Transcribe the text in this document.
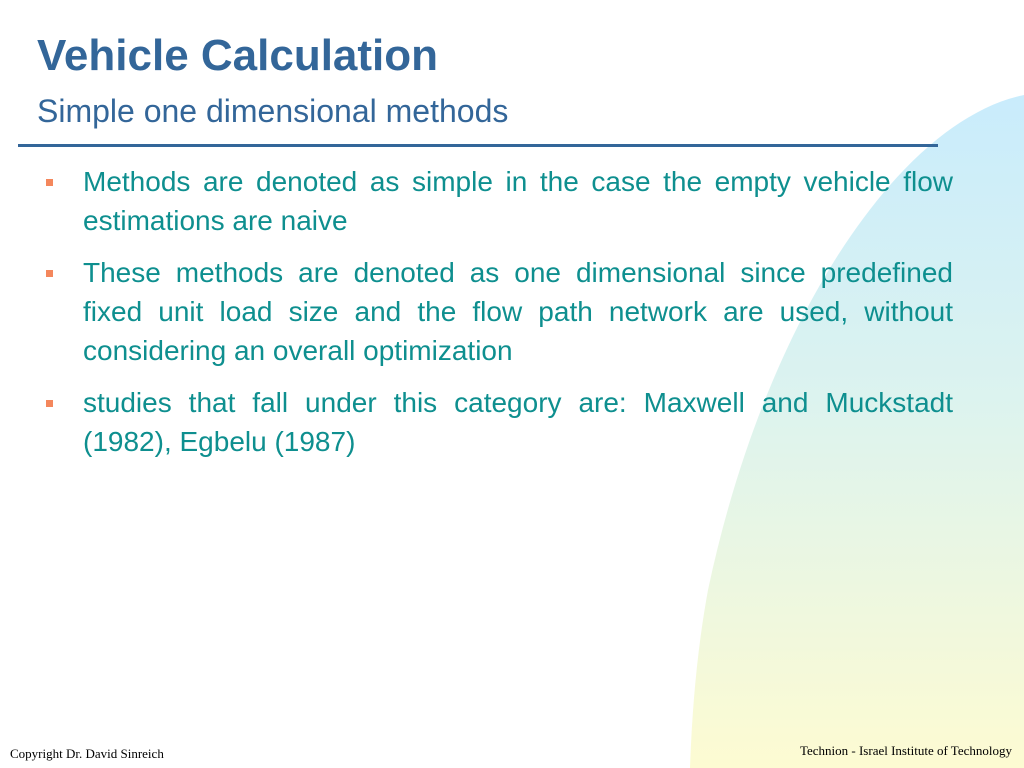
Vehicle Calculation
Simple one dimensional methods
Methods are denoted as simple in the case the empty vehicle flow estimations are naive
These methods are denoted as one dimensional since predefined fixed unit load size and the flow path network are used, without considering an overall optimization
studies that fall under this category are: Maxwell and Muckstadt (1982), Egbelu (1987)
Copyright Dr. David Sinreich	Technion - Israel Institute of Technology
